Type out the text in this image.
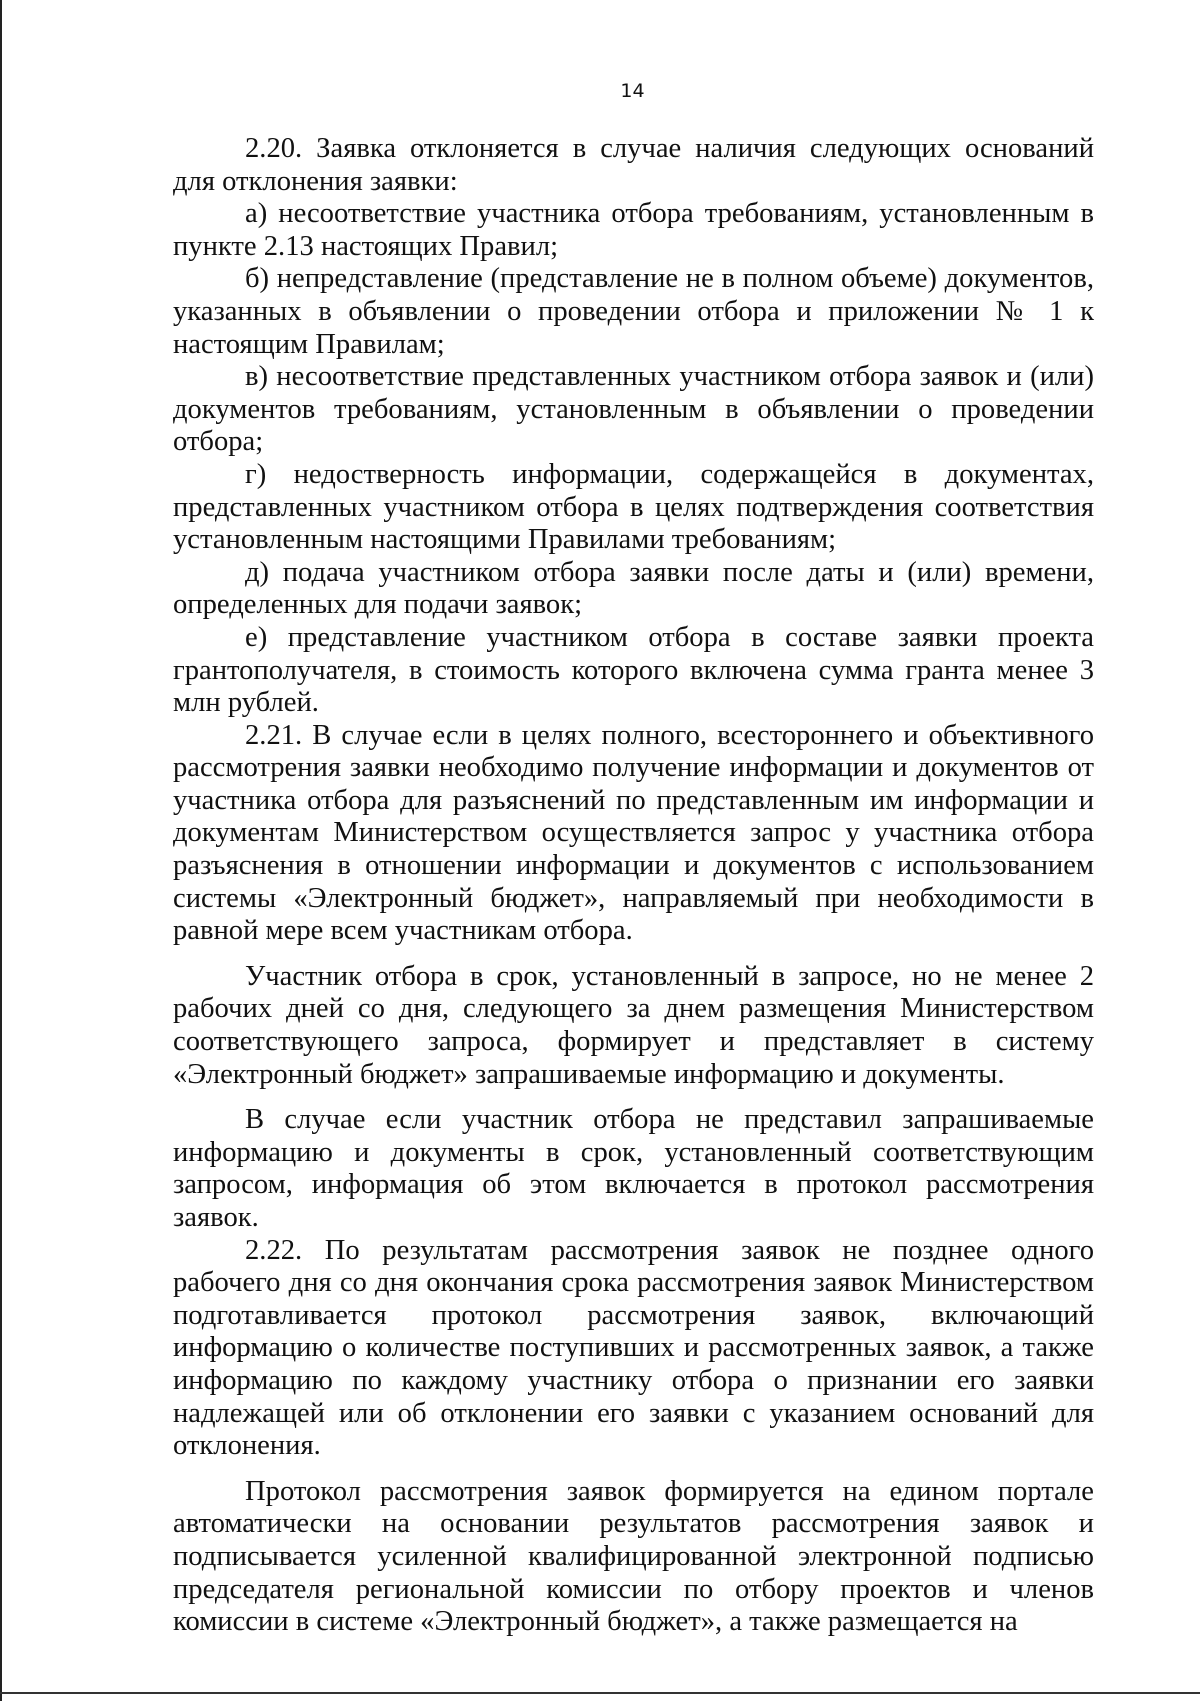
14

2.20. Заявка отклоняется в случае наличия следующих оснований для отклонения заявки:

а) несоответствие участника отбора требованиям, установленным в пункте 2.13 настоящих Правил;

б) непредставление (представление не в полном объеме) документов, указанных в объявлении о проведении отбора и приложении № 1 к настоящим Правилам;

в) несоответствие представленных участником отбора заявок и (или) документов требованиям, установленным в объявлении о проведении отбора;

г) недостверность информации, содержащейся в документах, представленных участником отбора в целях подтверждения соответствия установленным настоящими Правилами требованиям;

д) подача участником отбора заявки после даты и (или) времени, определенных для подачи заявок;

е) представление участником отбора в составе заявки проекта грантополучателя, в стоимость которого включена сумма гранта менее 3 млн рублей.

2.21. В случае если в целях полного, всестороннего и объективного рассмотрения заявки необходимо получение информации и документов от участника отбора для разъяснений по представленным им информации и документам Министерством осуществляется запрос у участника отбора разъяснения в отношении информации и документов с использованием системы «Электронный бюджет», направляемый при необходимости в равной мере всем участникам отбора.

Участник отбора в срок, установленный в запросе, но не менее 2 рабочих дней со дня, следующего за днем размещения Министерством соответствующего запроса, формирует и представляет в систему «Электронный бюджет» запрашиваемые информацию и документы.

В случае если участник отбора не представил запрашиваемые информацию и документы в срок, установленный соответствующим запросом, информация об этом включается в протокол рассмотрения заявок.

2.22. По результатам рассмотрения заявок не позднее одного рабочего дня со дня окончания срока рассмотрения заявок Министерством подготавливается протокол рассмотрения заявок, включающий информацию о количестве поступивших и рассмотренных заявок, а также информацию по каждому участнику отбора о признании его заявки надлежащей или об отклонении его заявки с указанием оснований для отклонения.

Протокол рассмотрения заявок формируется на едином портале автоматически на основании результатов рассмотрения заявок и подписывается усиленной квалифицированной электронной подписью председателя региональной комиссии по отбору проектов и членов комиссии в системе «Электронный бюджет», а также размещается на
